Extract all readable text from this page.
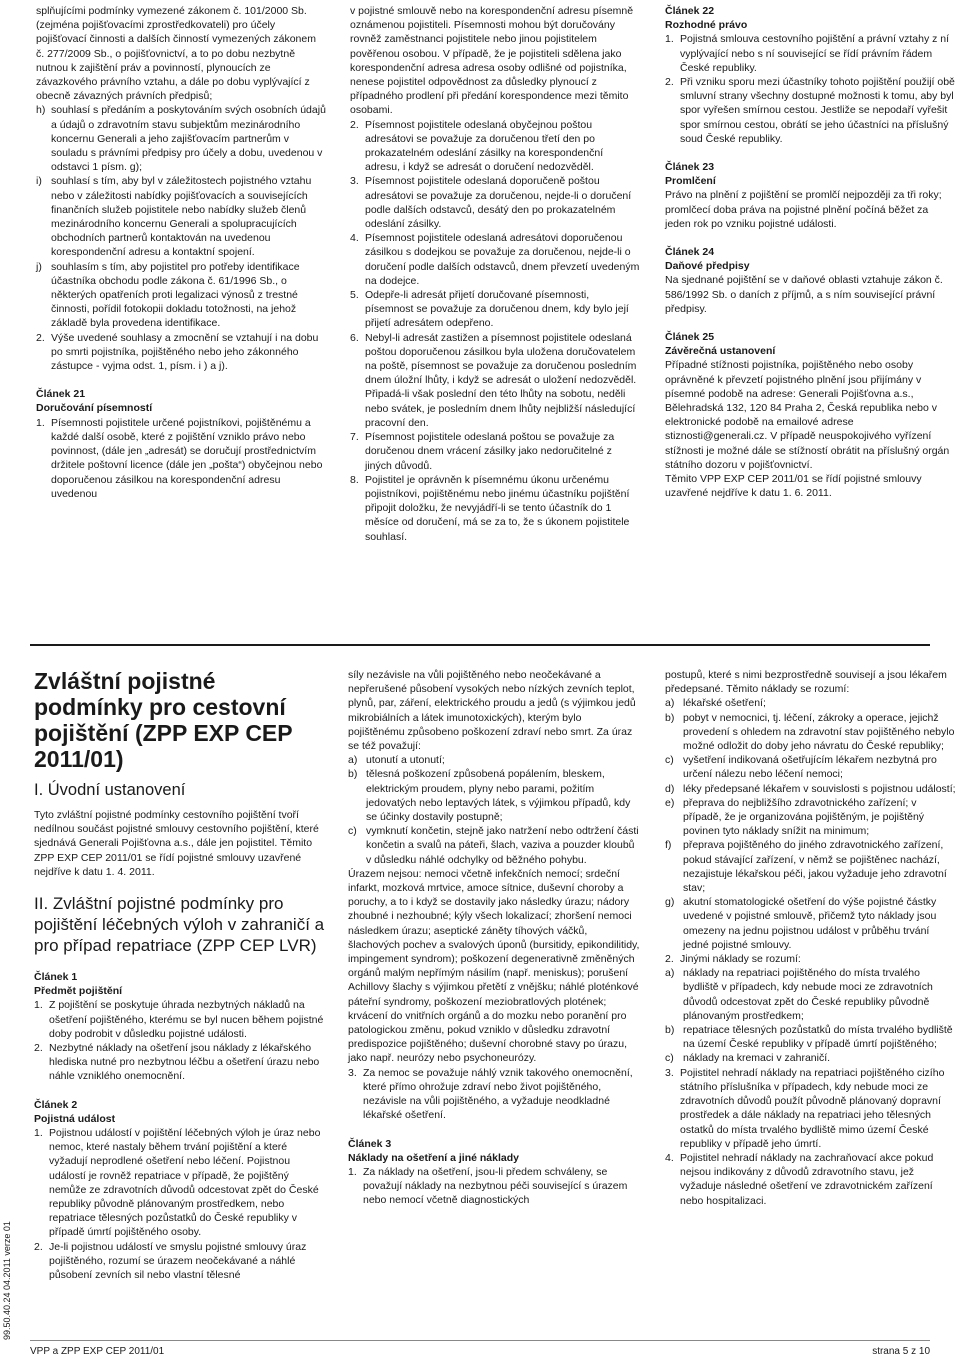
splňujícími podmínky vymezené zákonem č. 101/2000 Sb. (zejména pojišťovacími zprostředkovateli) pro účely pojišťovací činnosti a dalších činností vymezených zákonem č. 277/2009 Sb., o pojišťovnictví, a to po dobu nezbytně nutnou k zajištění práv a povinností, plynoucích ze závazkového právního vztahu, a dále po dobu vyplývající z obecně závazných právních předpisů;

h) souhlasí s předáním a poskytováním svých osobních údajů a údajů o zdravotním stavu subjektům mezinárodního koncernu Generali a jeho zajišťovacím partnerům v souladu s právními předpisy pro účely a dobu, uvedenou v odstavci 1 písm. g);
i) souhlasí s tím, aby byl v záležitostech pojistného vztahu nebo v záležitosti nabídky pojišťovacích a souvisejících finančních služeb pojistitele nebo nabídky služeb členů mezinárodního koncernu Generali a spolupracujících obchodních partnerů kontaktován na uvedenou korespondenční adresu a kontaktní spojení.
j) souhlasím s tím, aby pojistitel pro potřeby identifikace účastníka obchodu podle zákona č. 61/1996 Sb., o některých opatřeních proti legalizaci výnosů z trestné činnosti, pořídil fotokopii dokladu totožnosti, na jehož základě byla provedena identifikace.
2. Výše uvedené souhlasy a zmocnění se vztahují i na dobu po smrti pojistníka, pojištěného nebo jeho zákonného zástupce - vyjma odst. 1, písm. i ) a j).

Článek 21

Doručování písemností

1. Písemnosti pojistitele určené pojistníkovi, pojištěnému a každé další osobě, které z pojištění vzniklo právo nebo povinnost, (dále jen „adresát) se doručují prostřednictvím držitele poštovní licence (dále jen „pošta“) obyčejnou nebo doporučenou zásilkou na korespondenční adresu uvedenou

v pojistné smlouvě nebo na korespondenční adresu písemně oznámenou pojistiteli. Písemnosti mohou být doručovány rovněž zaměstnanci pojistitele nebo jinou pojistitelem pověřenou osobou. V případě, že je pojistiteli sdělena jako korespondenční adresa adresa osoby odlišné od pojistníka, nenese pojistitel odpovědnost za důsledky plynoucí z případného prodlení při předání korespondence mezi těmito osobami.

2. Písemnost pojistitele odeslaná obyčejnou poštou adresátovi se považuje za doručenou třetí den po prokazatelném odeslání zásilky na korespondenční adresu, i když se adresát o doručení nedozvěděl.
3. Písemnost pojistitele odeslaná doporučeně poštou adresátovi se považuje za doručenou, nejde-li o doručení podle dalších odstavců, desátý den po prokazatelném odeslání zásilky.
4. Písemnost pojistitele odeslaná adresátovi doporučenou zásilkou s dodejkou se považuje za doručenou, nejde-li o doručení podle dalších odstavců, dnem převzetí uvedeným na dodejce.
5. Odepře-li adresát přijetí doručované písemnosti, písemnost se považuje za doručenou dnem, kdy bylo její přijetí adresátem odepřeno.
6. Nebyl-li adresát zastižen a písemnost pojistitele odeslaná poštou doporučenou zásilkou byla uložena doručovatelem na poště, písemnost se považuje za doručenou posledním dnem úložní lhůty, i když se adresát o uložení nedozvěděl. Připadá-li však poslední den této lhůty na sobotu, neděli nebo svátek, je posledním dnem lhůty nejbližší následující pracovní den.
7. Písemnost pojistitele odeslaná poštou se považuje za doručenou dnem vrácení zásilky jako nedoručitelné z jiných důvodů.
8. Pojistitel je oprávněn k písemnému úkonu určenému pojistníkovi, pojištěnému nebo jinému účastníku pojištění připojit doložku, že nevyjádří-li se tento účastník do 1 měsíce od doručení, má se za to, že s úkonem pojistitele souhlasí.

Článek 22

Rozhodné právo

1. Pojistná smlouva cestovního pojištění a právní vztahy z ní vyplývající nebo s ní související se řídí právním řádem České republiky.
2. Při vzniku sporu mezi účastníky tohoto pojištění použijí obě smluvní strany všechny dostupné možnosti k tomu, aby byl spor vyřešen smírnou cestou. Jestliže se nepodaří vyřešit spor smírnou cestou, obrátí se jeho účastníci na příslušný soud České republiky.

Článek 23

Promlčení

Právo na plnění z pojištění se promlčí nejpozději za tři roky; promlčecí doba práva na pojistné plnění počíná běžet za jeden rok po vzniku pojistné události.

Článek 24

Daňové předpisy

Na sjednané pojištění se v daňové oblasti vztahuje zákon č. 586/1992 Sb. o daních z příjmů, a s ním související právní předpisy.

Článek 25

Závěrečná ustanovení

Případné stížnosti pojistníka, pojištěného nebo osoby oprávněné k převzetí pojistného plnění jsou přijímány v písemné podobě na adrese: Generali Pojišťovna a.s., Bělehradská 132, 120 84 Praha 2, Česká republika nebo v elektronické podobě na emailové adrese stiznosti@generali.cz. V případě neuspokojivého vyřízení stížnosti je možné dále se stížností obrátit na příslušný orgán státního dozoru v pojišťovnictví.

Těmito VPP EXP CEP 2011/01 se řídí pojistné smlouvy uzavřené nejdříve k datu 1. 6. 2011.

Zvláštní pojistné podmínky pro cestovní pojištění (ZPP EXP CEP 2011/01)

I. Úvodní ustanovení

Tyto zvláštní pojistné podmínky cestovního pojištění tvoří nedílnou součást pojistné smlouvy cestovního pojištění, které sjednává Generali Pojišťovna a.s., dále jen pojistitel. Těmito ZPP EXP CEP 2011/01 se řídí pojistné smlouvy uzavřené nejdříve k datu 1. 4. 2011.

II. Zvláštní pojistné podmínky pro pojištění léčebných výloh v zahraničí a pro případ repatriace (ZPP CEP LVR)

Článek 1

Předmět pojištění

1. Z pojištění se poskytuje úhrada nezbytných nákladů na ošetření pojištěného, kterému se byl nucen během pojistné doby podrobit v důsledku pojistné události.
2. Nezbytné náklady na ošetření jsou náklady z lékařského hlediska nutné pro nezbytnou léčbu a ošetření úrazu nebo náhle vzniklého onemocnění.

Článek 2

Pojistná událost

1. Pojistnou událostí v pojištění léčebných výloh je úraz nebo nemoc, které nastaly během trvání pojištění a které vyžadují neprodlené ošetření nebo léčení. Pojistnou událostí je rovněž repatriace v případě, že pojištěný nemůže ze zdravotních důvodů odcestovat zpět do České republiky původně plánovaným prostředkem, nebo repatriace tělesných pozůstatků do České republiky v případě úmrtí pojištěného osoby.
2. Je-li pojistnou událostí ve smyslu pojistné smlouvy úraz pojištěného, rozumí se úrazem neočekávané a náhlé působení zevních sil nebo vlastní tělesné

síly nezávisle na vůli pojištěného nebo neočekávané a nepřerušené působení vysokých nebo nízkých zevních teplot, plynů, par, záření, elektrického proudu a jedů (s výjimkou jedů mikrobiálních a látek imunotoxických), kterým bylo pojištěnému způsobeno poškození zdraví nebo smrt. Za úraz se též považují:

a) utonutí a utonutí;
b) tělesná poškození způsobená popálením, bleskem, elektrickým proudem, plyny nebo parami, požitím jedovatých nebo leptavých látek, s výjimkou případů, kdy se účinky dostavily postupně;
c) vymknutí končetin, stejně jako natržení nebo odtržení části končetin a svalů na páteři, šlach, vaziva a pouzder kloubů v důsledku náhlé odchylky od běžného pohybu.

Úrazem nejsou: nemoci včetně infekčních nemocí; srdeční infarkt, mozková mrtvice, amoce sítnice, duševní choroby a poruchy, a to i když se dostavily jako následky úrazu; nádory zhoubné i nezhoubné; kýly všech lokalizací; zhoršení nemoci následkem úrazu; aseptické záněty tíhových váčků, šlachových pochev a svalových úponů (bursitidy, epikondilitidy, impingement syndrom); poškození degenerativně změněných orgánů malým nepřímým násilím (např. meniskus); porušení Achillovy šlachy s výjimkou přetětí z vnějšku; náhlé ploténkové páteřní syndromy, poškození meziobratlových plotének; krvácení do vnitřních orgánů a do mozku nebo poranění pro patologickou změnu, pokud vzniklo v důsledku zdravotní predispozice pojištěného; duševní chorobné stavy po úrazu, jako např. neurózy nebo psychoneurózy.

3. Za nemoc se považuje náhlý vznik takového onemocnění, které přímo ohrožuje zdraví nebo život pojištěného, nezávisle na vůli pojištěného, a vyžaduje neodkladné lékařské ošetření.

Článek 3

Náklady na ošetření a jiné náklady

1. Za náklady na ošetření, jsou-li předem schváleny, se považují náklady na nezbytnou péči související s úrazem nebo nemocí včetně diagnostických

postupů, které s nimi bezprostředně souvisejí a jsou lékařem předepsané. Těmito náklady se rozumí:

a) lékařské ošetření;
b) pobyt v nemocnici, tj. léčení, zákroky a operace, jejichž provedení s ohledem na zdravotní stav pojištěného nebylo možné odložit do doby jeho návratu do České republiky;
c) vyšetření indikovaná ošetřujícím lékařem nezbytná pro určení nálezu nebo léčení nemoci;
d) léky předepsané lékařem v souvislosti s pojistnou událostí;
e) přeprava do nejbližšího zdravotnického zařízení; v případě, že je organizována pojištěným, je pojištěný povinen tyto náklady snížit na minimum;
f) přeprava pojištěného do jiného zdravotnického zařízení, pokud stávající zařízení, v němž se pojištěnec nachází, nezajistuje lékařskou péči, jakou vyžaduje jeho zdravotní stav;
g) akutní stomatologické ošetření do výše pojistné částky uvedené v pojistné smlouvě, přičemž tyto náklady jsou omezeny na jednu pojistnou událost v průběhu trvání jedné pojistné smlouvy.
2. Jinými náklady se rozumí:
a) náklady na repatriaci pojištěného do místa trvalého bydliště v případech, kdy nebude moci ze zdravotních důvodů odcestovat zpět do České republiky původně plánovaným prostředkem;
b) repatriace tělesných pozůstatků do místa trvalého bydliště na území České republiky v případě úmrtí pojištěného;
c) náklady na kremaci v zahraničí.
3. Pojistitel nehradí náklady na repatriaci pojištěného cizího státního příslušníka v případech, kdy nebude moci ze zdravotních důvodů použít původně plánovaný dopravní prostředek a dále náklady na repatriaci jeho tělesných ostatků do místa trvalého bydliště mimo území České republiky v případě jeho úmrtí.
4. Pojistitel nehradí náklady na zachraňovací akce pokud nejsou indikovány z důvodů zdravotního stavu, jež vyžaduje následné ošetření ve zdravotnickém zařízení nebo hospitalizaci.
VPP a ZPP EXP CEP 2011/01	strana 5 z 10
99.50.40.24 04.2011 verze 01
